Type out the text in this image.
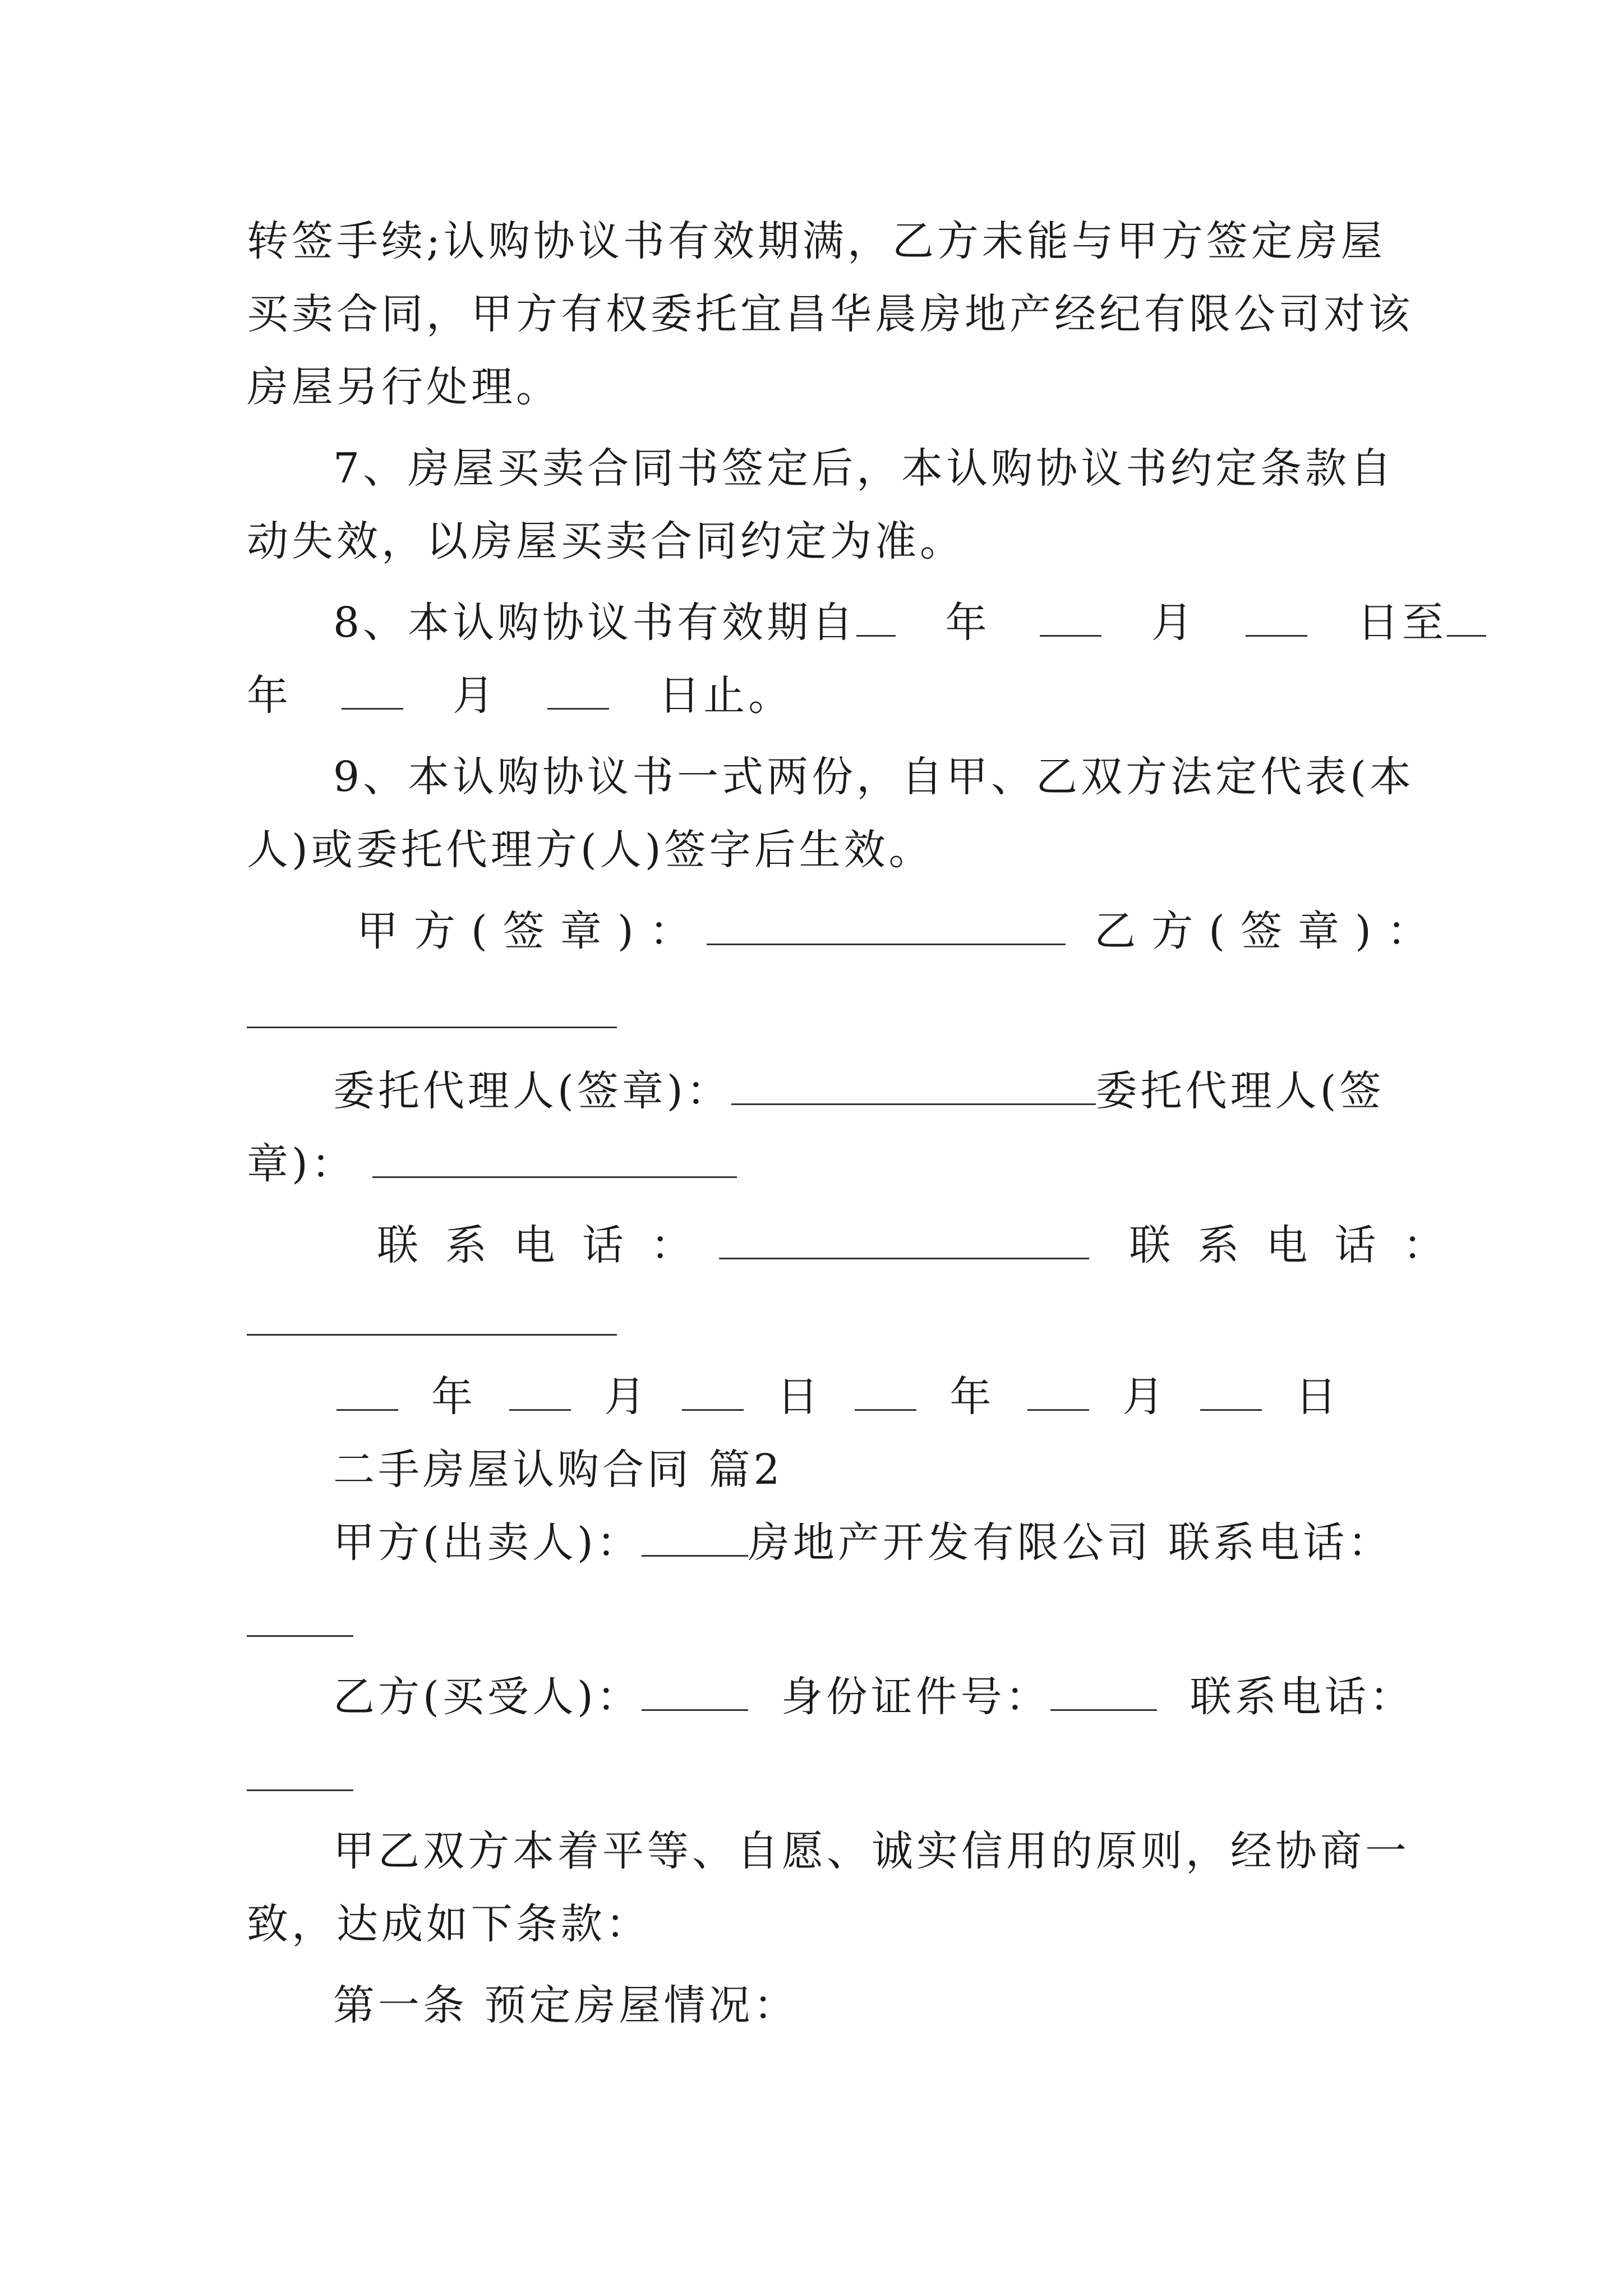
转签手续;认购协议书有效期满，乙方未能与甲方签定房屋
买卖合同，甲方有权委托宜昌华晨房地产经纪有限公司对该
房屋另行处理。
7、房屋买卖合同书签定后，本认购协议书约定条款自
动失效，以房屋买卖合同约定为准。
8、本认购协议书有效期自 年	月	日至
年	月	日止。
9、本认购协议书一式两份，自甲、乙双方法定代表(本
人)或委托代理方(人)签字后生效。
甲方(签章)：	乙方(签章)：
委托代理人(签章)：	委托代理人(签
章)：
联系电话：	联系电话：
年	月	日	年	月	日
二手房屋认购合同 篇2
甲方(出卖人)：	房地产开发有限公司 联系电话：
乙方(买受人)：	身份证件号：	联系电话：
甲乙双方本着平等、自愿、诚实信用的原则，经协商一
致，达成如下条款：
第一条 预定房屋情况：
